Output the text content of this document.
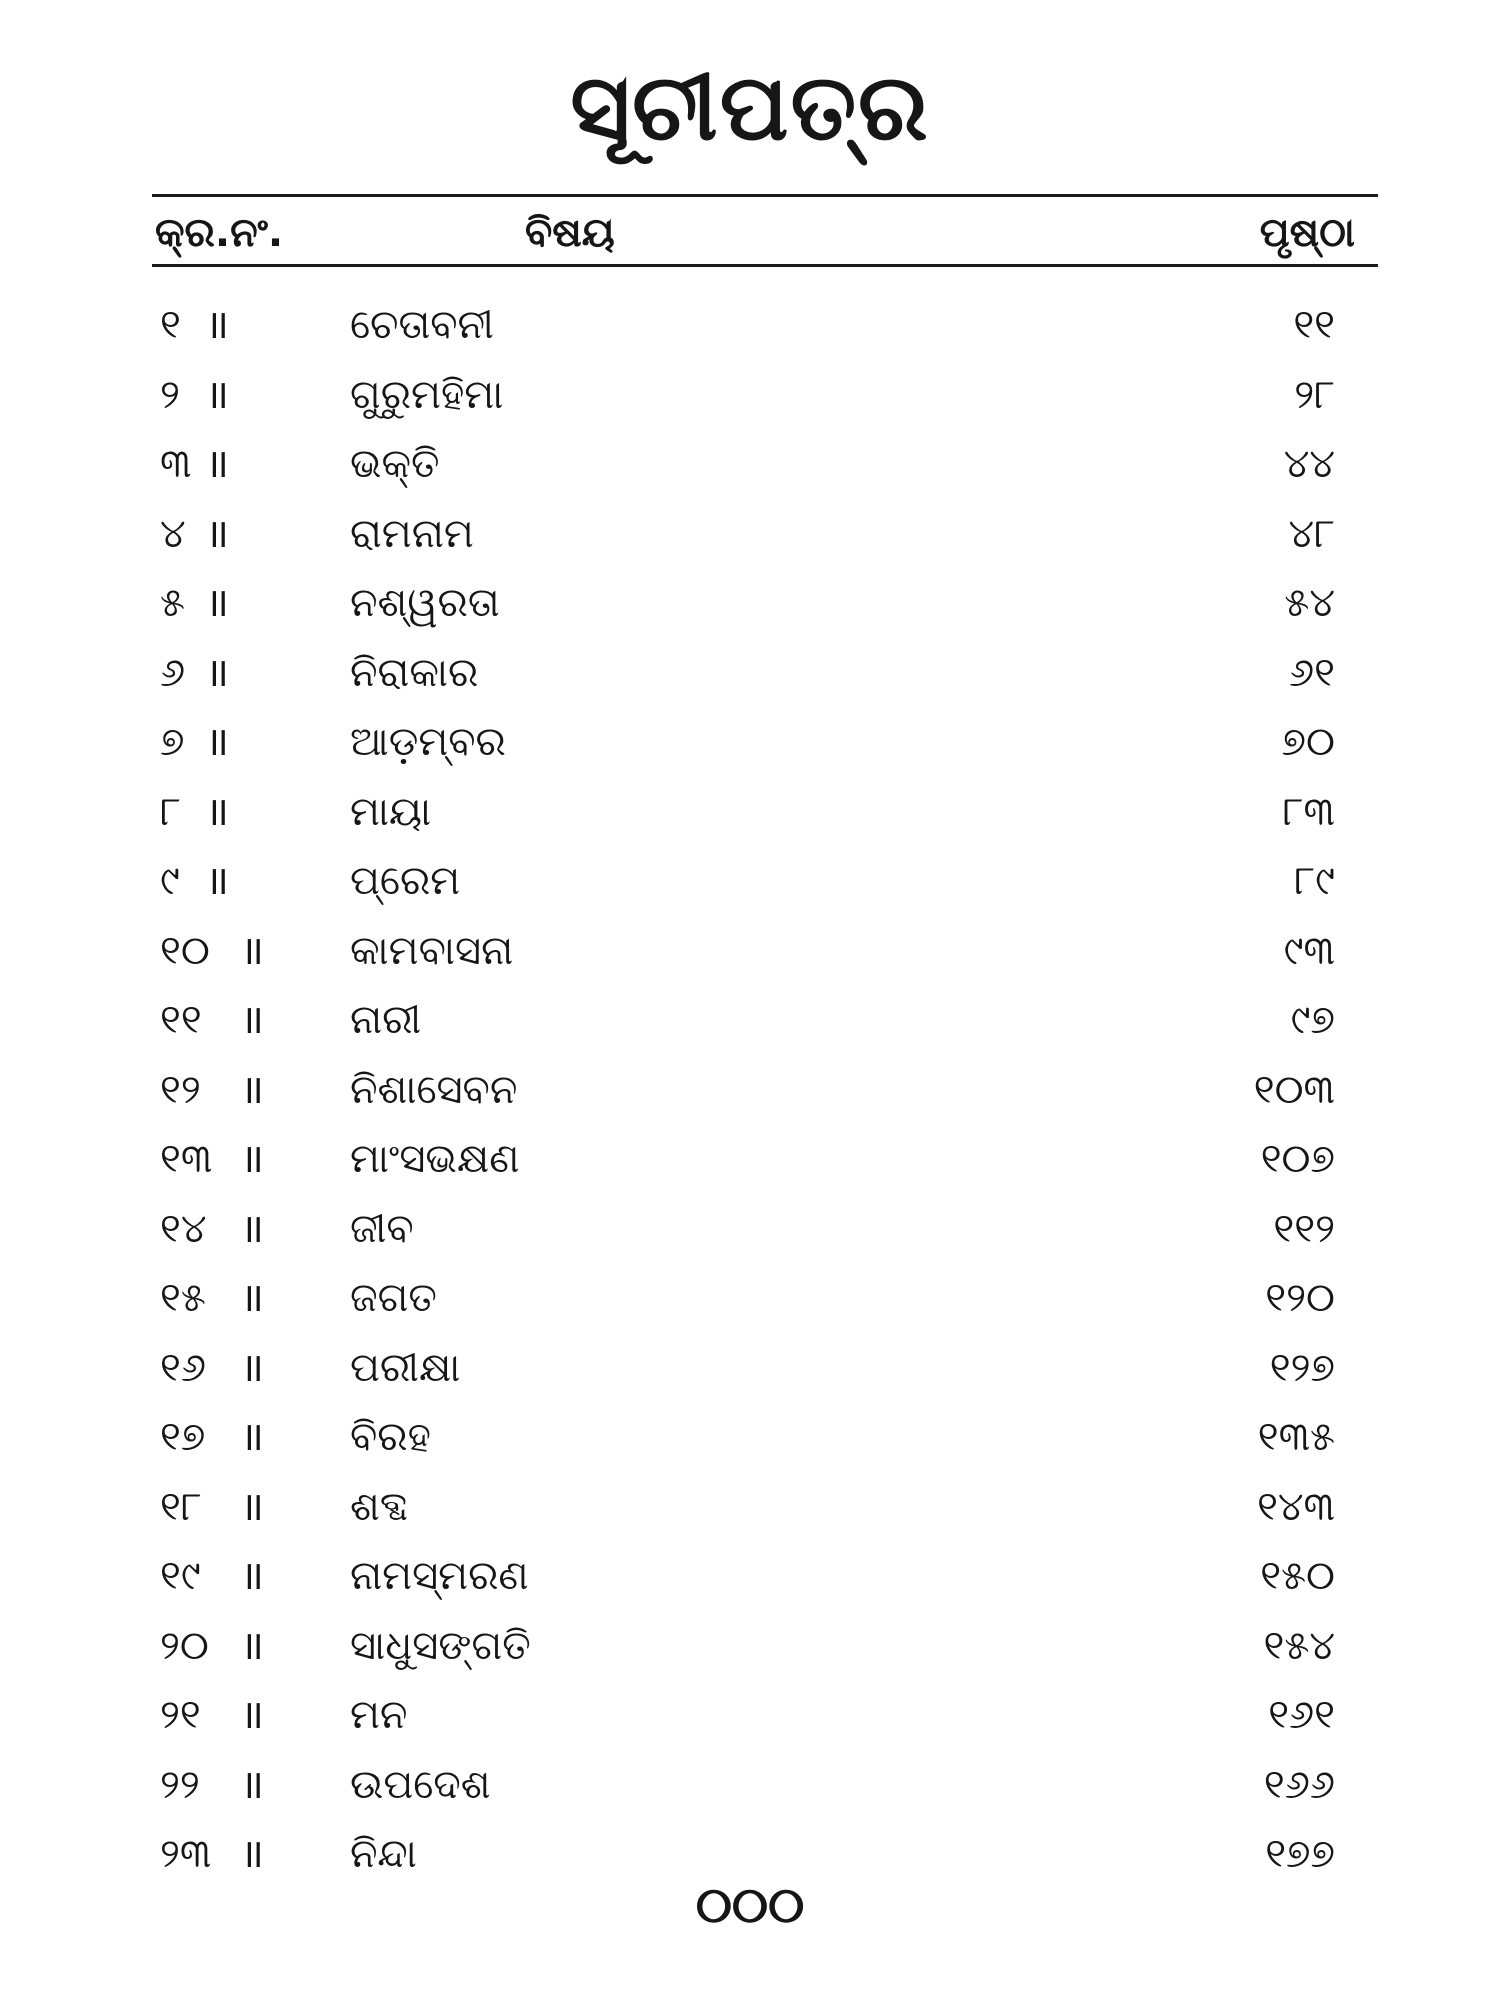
ସୂଚୀପତ୍ର
କ୍ର.ନଂ.	ବିଷୟ	ପୃଷ୍ଠା
୧ ॥	ଚେତାବନୀ	୧୧
୨ ॥	ଗୁରୁମହିମା	୨୮
୩ ॥	ଭକ୍ତି	୪୪
୪ ॥	ରାମନାମ	୪୮
୫ ॥	ନଶ୍ୱରତା	୫୪
୬ ॥	ନିରାକାର	୬୧
୭ ॥	ଆଡ଼ମ୍ବର	୭୦
୮ ॥	ମାୟା	୮୩
୯ ॥	ପ୍ରେମ	୮୯
୧୦ ॥ କାମବାସନା	୯୩
୧୧ ॥ ନାରୀ	୯୭
୧୨ ॥ ନିଶାସେବନ	୧୦୩
୧୩ ॥ ମାଂସଭକ୍ଷଣ	୧୦୭
୧୪ ॥ ଜୀବ	୧୧୨
୧୫ ॥ ଜଗତ	୧୨୦
୧୬ ॥ ପରୀକ୍ଷା	୧୨୭
୧୭ ॥ ବିରହ	୧୩୫
୧୮ ॥ ଶବ୍ଦ	୧୪୩
୧୯ ॥ ନାମସ୍ମରଣ	୧୫୦
୨୦ ॥ ସାଧୁସଙ୍ଗତି	୧୫୪
୨୧ ॥ ମନ	୧୬୧
୨୨ ॥ ଉପଦେଶ	୧୬୬
୨୩ ॥ ନିନ୍ଦା	୧୭୭
୦୦୦
